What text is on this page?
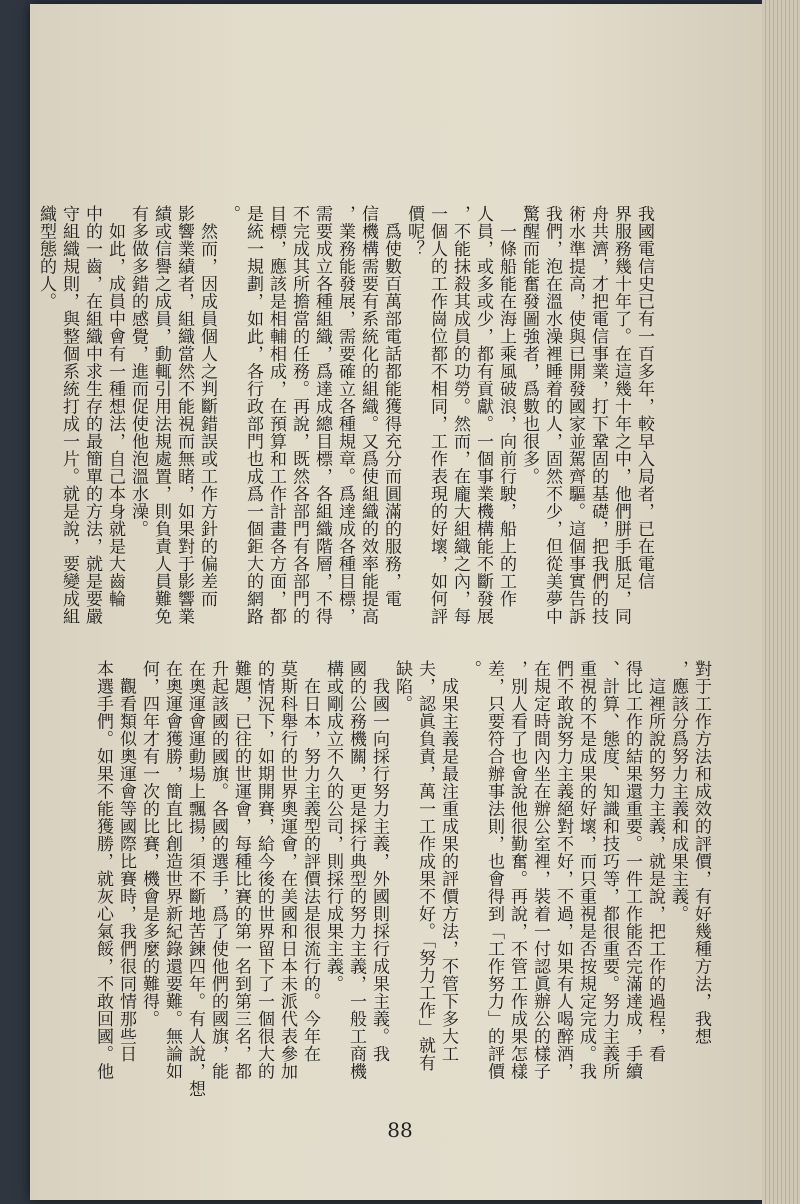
我國電信史已有一百多年，較早入局者，已在電信
界服務幾十年了。在這幾十年之中，他們胼手胝足，同
舟共濟，才把電信事業，打下鞏固的基礎，把我們的技
術水準提高，使與已開發國家並駕齊驅。這個事實告訴
我們，泡在溫水澡裡睡着的人，固然不少，但從美夢中
驚醒而能奮發圖強者，爲數也很多。
　一條船能在海上乘風破浪，向前行駛，船上的工作
人員，或多或少，都有貢獻。一個事業機構能不斷發展
，不能抹殺其成員的功勞。然而，在龐大組織之內，每
一個人的工作崗位都不相同，工作表現的好壞，如何評
價呢？
　爲使數百萬部電話都能獲得充分而圓滿的服務，電
信機構需要有系統化的組織。又爲使組織的效率能提高
，業務能發展，需要確立各種規章。爲達成各種目標，
需要成立各種組織，爲達成總目標，各組織階層，不得
不完成其所擔當的任務。再說，既然各部門有各部門的
目標，應該是相輔相成，在預算和工作計畫各方面，都
是統一規劃，如此，各行政部門也成爲一個鉅大的網路
。
　然而，因成員個人之判斷錯誤或工作方針的偏差而
影響業績者，組織當然不能視而無睹，如果對于影響業
績或信譽之成員，動輒引用法規處置，則負責人員難免
有多做多錯的感覺，進而促使他泡溫水澡。
　如此，成員中會有一種想法，自己本身就是大齒輪
中的一齒，在組織中求生存的最簡單的方法，就是要嚴
守組織規則，與整個系統打成一片。就是說，要變成組
織型態的人。
對于工作方法和成效的評價，有好幾種方法，我想
，應該分爲努力主義和成果主義。
　這裡所說的努力主義，就是說，把工作的過程，看
得比工作的結果還重要。一件工作能否完滿達成，手續
、計算、態度、知識和技巧等，都很重要。努力主義所
重視的不是成果的好壞，而只重視是否按規定完成。我
們不敢說努力主義絕對不好，不過，如果有人喝醉酒，
在規定時間內坐在辦公室裡，裝着一付認眞辦公的樣子
，別人看了也會說他很勤奮。再說，不管工作成果怎樣
差，只要符合辦事法則，也會得到「工作努力」的評價
。
　成果主義是最注重成果的評價方法，不管下多大工
夫，認眞負責，萬一工作成果不好。「努力工作」就有
缺陷。
　我國一向採行努力主義，外國則採行成果主義。我
國的公務機關，更是採行典型的努力主義，一般工商機
構或剛成立不久的公司，則採行成果主義。
　在日本，努力主義型的評價法是很流行的。今年在
莫斯科舉行的世界奧運會，在美國和日本未派代表參加
的情況下，如期開賽，給今後的世界留下了一個很大的
難題，已往的世運會，每種比賽的第一名到第三名，都
升起該國的國旗。各國的選手，爲了使他們的國旗，能
在奧運會運動場上飄揚，須不斷地苦鍊四年。有人說，想
在奧運會獲勝，簡直比創造世界新紀錄還要難。無論如
何，四年才有一次的比賽，機會是多麼的難得。
　觀看類似奧運會等國際比賽時，我們很同情那些日
本選手們。如果不能獲勝，就灰心氣餒，不敢回國。他
88
